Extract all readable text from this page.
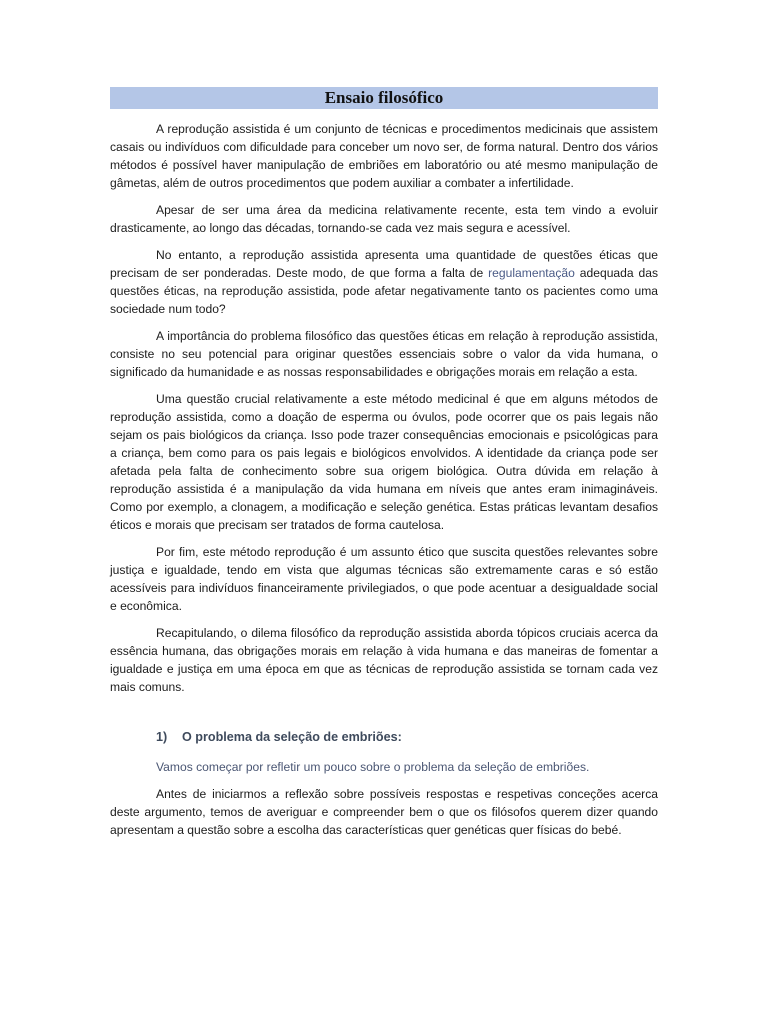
Ensaio filosófico

A reprodução assistida é um conjunto de técnicas e procedimentos medicinais que assistem casais ou indivíduos com dificuldade para conceber um novo ser, de forma natural. Dentro dos vários métodos é possível haver manipulação de embriões em laboratório ou até mesmo manipulação de gâmetas, além de outros procedimentos que podem auxiliar a combater a infertilidade.

Apesar de ser uma área da medicina relativamente recente, esta tem vindo a evoluir drasticamente, ao longo das décadas, tornando-se cada vez mais segura e acessível.

No entanto, a reprodução assistida apresenta uma quantidade de questões éticas que precisam de ser ponderadas. Deste modo, de que forma a falta de regulamentação adequada das questões éticas, na reprodução assistida, pode afetar negativamente tanto os pacientes como uma sociedade num todo?

A importância do problema filosófico das questões éticas em relação à reprodução assistida, consiste no seu potencial para originar questões essenciais sobre o valor da vida humana, o significado da humanidade e as nossas responsabilidades e obrigações morais em relação a esta.

Uma questão crucial relativamente a este método medicinal é que em alguns métodos de reprodução assistida, como a doação de esperma ou óvulos, pode ocorrer que os pais legais não sejam os pais biológicos da criança. Isso pode trazer consequências emocionais e psicológicas para a criança, bem como para os pais legais e biológicos envolvidos. A identidade da criança pode ser afetada pela falta de conhecimento sobre sua origem biológica. Outra dúvida em relação à reprodução assistida é a manipulação da vida humana em níveis que antes eram inimagináveis. Como por exemplo, a clonagem, a modificação e seleção genética. Estas práticas levantam desafios éticos e morais que precisam ser tratados de forma cautelosa.

Por fim, este método reprodução é um assunto ético que suscita questões relevantes sobre justiça e igualdade, tendo em vista que algumas técnicas são extremamente caras e só estão acessíveis para indivíduos financeiramente privilegiados, o que pode acentuar a desigualdade social e econômica.

Recapitulando, o dilema filosófico da reprodução assistida aborda tópicos cruciais acerca da essência humana, das obrigações morais em relação à vida humana e das maneiras de fomentar a igualdade e justiça em uma época em que as técnicas de reprodução assistida se tornam cada vez mais comuns.

1) O problema da seleção de embriões:

Vamos começar por refletir um pouco sobre o problema da seleção de embriões.

Antes de iniciarmos a reflexão sobre possíveis respostas e respetivas conceções acerca deste argumento, temos de averiguar e compreender bem o que os filósofos querem dizer quando apresentam a questão sobre a escolha das características quer genéticas quer físicas do bebé.
